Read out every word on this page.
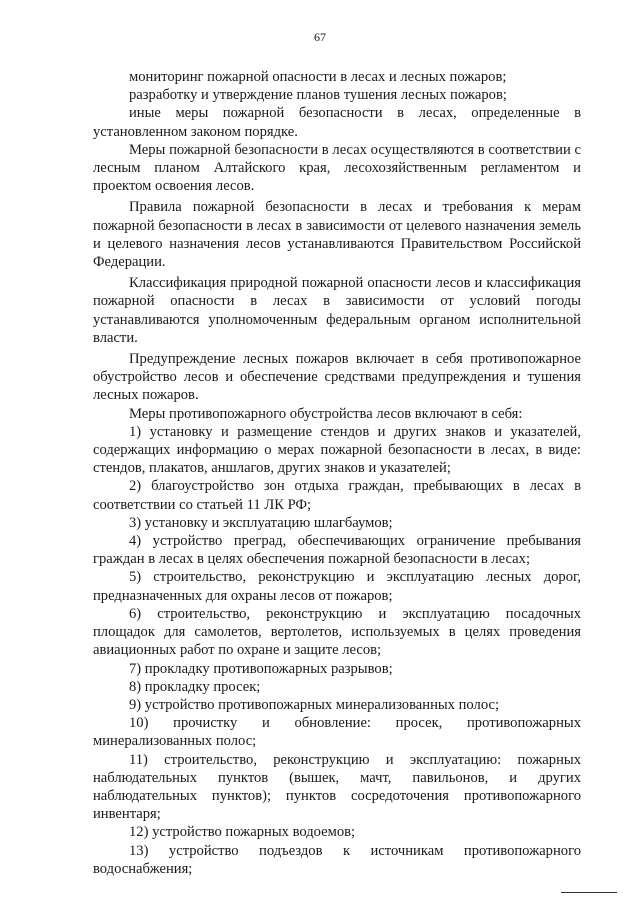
67

мониторинг пожарной опасности в лесах и лесных пожаров;

разработку и утверждение планов тушения лесных пожаров;

иные меры пожарной безопасности в лесах, определенные в установленном законом порядке.

Меры пожарной безопасности в лесах осуществляются в соответствии с лесным планом Алтайского края, лесохозяйственным регламентом и проектом освоения лесов.

Правила пожарной безопасности в лесах и требования к мерам пожарной безопасности в лесах в зависимости от целевого назначения земель и целевого назначения лесов устанавливаются Правительством Российской Федерации.

Классификация природной пожарной опасности лесов и классификация пожарной опасности в лесах в зависимости от условий погоды устанавливаются уполномоченным федеральным органом исполнительной власти.

Предупреждение лесных пожаров включает в себя противопожарное обустройство лесов и обеспечение средствами предупреждения и тушения лесных пожаров.

Меры противопожарного обустройства лесов включают в себя:

1) установку и размещение стендов и других знаков и указателей, содержащих информацию о мерах пожарной безопасности в лесах, в виде: стендов, плакатов, аншлагов, других знаков и указателей;

2) благоустройство зон отдыха граждан, пребывающих в лесах в соответствии со статьей 11 ЛК РФ;

3) установку и эксплуатацию шлагбаумов;

4) устройство преград, обеспечивающих ограничение пребывания граждан в лесах в целях обеспечения пожарной безопасности в лесах;

5) строительство, реконструкцию и эксплуатацию лесных дорог, предназначенных для охраны лесов от пожаров;

6) строительство, реконструкцию и эксплуатацию посадочных площадок для самолетов, вертолетов, используемых в целях проведения авиационных работ по охране и защите лесов;

7) прокладку противопожарных разрывов;

8) прокладку просек;

9) устройство противопожарных минерализованных полос;

10) прочистку и обновление: просек, противопожарных минерализованных полос;

11) строительство, реконструкцию и эксплуатацию: пожарных наблюдательных пунктов (вышек, мачт, павильонов, и других наблюдательных пунктов); пунктов сосредоточения противопожарного инвентаря;

12) устройство пожарных водоемов;

13) устройство подъездов к источникам противопожарного водоснабжения;
